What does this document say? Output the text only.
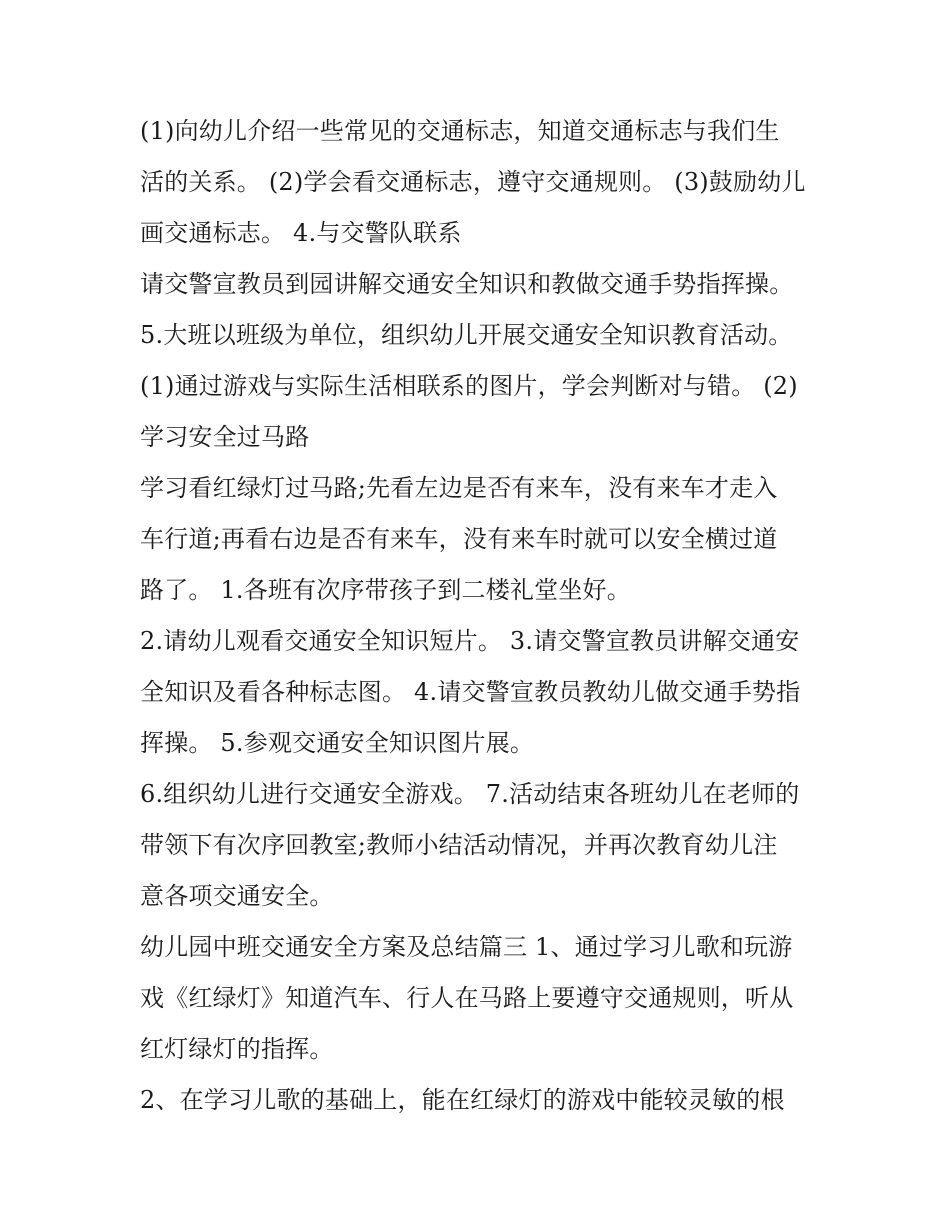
(1)向幼儿介绍一些常见的交通标志，知道交通标志与我们生
活的关系。 (2)学会看交通标志，遵守交通规则。 (3)鼓励幼儿
画交通标志。 4.与交警队联系
请交警宣教员到园讲解交通安全知识和教做交通手势指挥操。
5.大班以班级为单位，组织幼儿开展交通安全知识教育活动。
(1)通过游戏与实际生活相联系的图片，学会判断对与错。 (2)
学习安全过马路
学习看红绿灯过马路;先看左边是否有来车，没有来车才走入
车行道;再看右边是否有来车，没有来车时就可以安全横过道
路了。 1.各班有次序带孩子到二楼礼堂坐好。
2.请幼儿观看交通安全知识短片。 3.请交警宣教员讲解交通安
全知识及看各种标志图。 4.请交警宣教员教幼儿做交通手势指
挥操。 5.参观交通安全知识图片展。
6.组织幼儿进行交通安全游戏。 7.活动结束各班幼儿在老师的
带领下有次序回教室;教师小结活动情况，并再次教育幼儿注
意各项交通安全。
幼儿园中班交通安全方案及总结篇三 1、通过学习儿歌和玩游
戏《红绿灯》知道汽车、行人在马路上要遵守交通规则，听从
红灯绿灯的指挥。
2、在学习儿歌的基础上，能在红绿灯的游戏中能较灵敏的根
